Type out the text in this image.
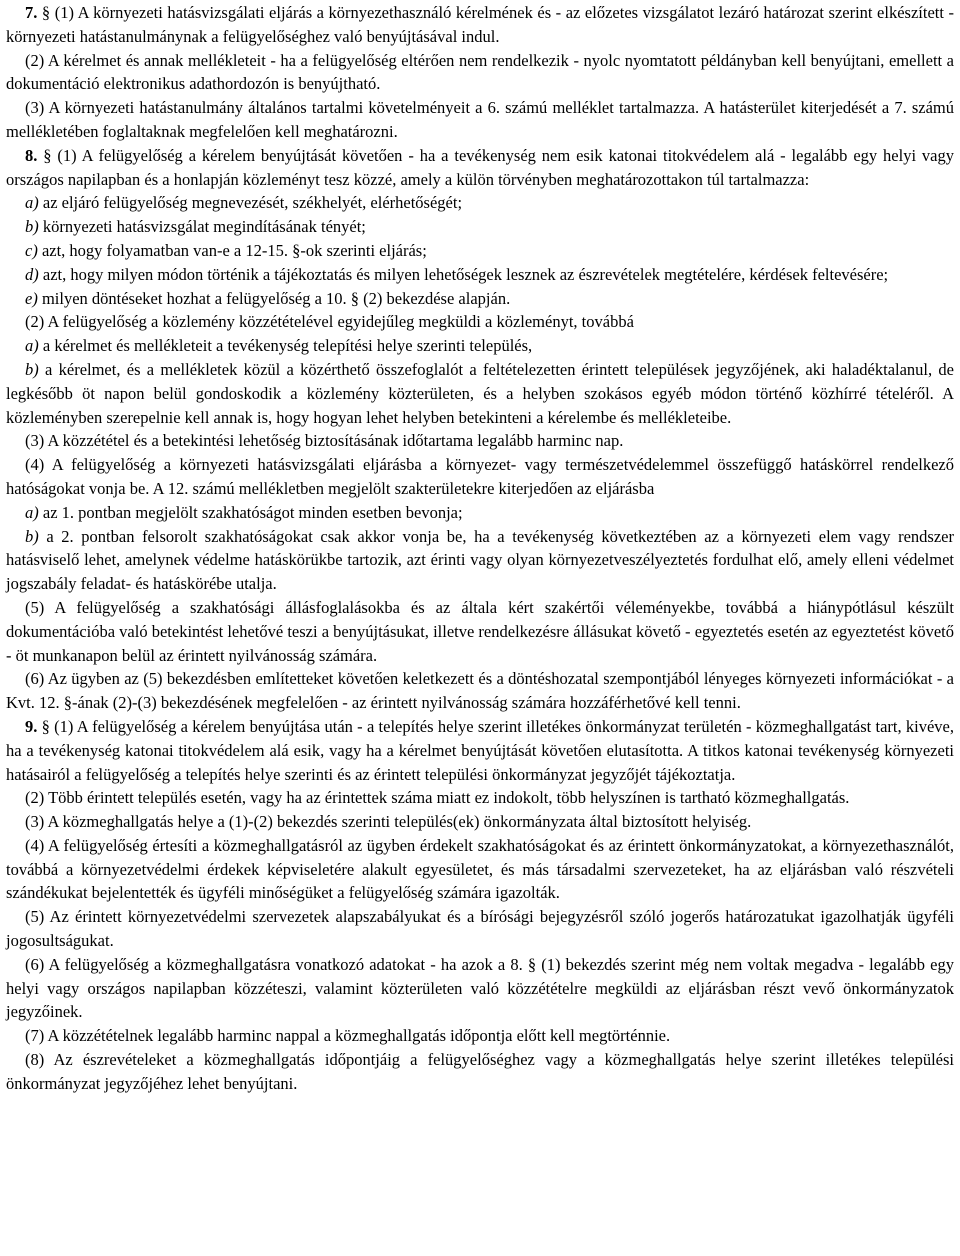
7. § (1) A környezeti hatásvizsgálati eljárás a környezethasználó kérelmének és - az előzetes vizsgálatot lezáró határozat szerint elkészített - környezeti hatástanulmánynak a felügyelőséghez való benyújtásával indul.

(2) A kérelmet és annak mellékleteit - ha a felügyelőség eltérően nem rendelkezik - nyolc nyomtatott példányban kell benyújtani, emellett a dokumentáció elektronikus adathordozón is benyújtható.

(3) A környezeti hatástanulmány általános tartalmi követelményeit a 6. számú melléklet tartalmazza. A hatásterület kiterjedését a 7. számú mellékletében foglaltaknak megfelelően kell meghatározni.

8. § (1) A felügyelőség a kérelem benyújtását követően - ha a tevékenység nem esik katonai titokvédelem alá - legalább egy helyi vagy országos napilapban és a honlapján közleményt tesz közzé, amely a külön törvényben meghatározottakon túl tartalmazza:

a) az eljáró felügyelőség megnevezését, székhelyét, elérhetőségét;

b) környezeti hatásvizsgálat megindításának tényét;

c) azt, hogy folyamatban van-e a 12-15. §-ok szerinti eljárás;

d) azt, hogy milyen módon történik a tájékoztatás és milyen lehetőségek lesznek az észrevételek megtételére, kérdések feltevésére;

e) milyen döntéseket hozhat a felügyelőség a 10. § (2) bekezdése alapján.

(2) A felügyelőség a közlemény közzétételével egyidejűleg megküldi a közleményt, továbbá

a) a kérelmet és mellékleteit a tevékenység telepítési helye szerinti település,

b) a kérelmet, és a mellékletek közül a közérthető összefoglalót a feltételezetten érintett települések jegyzőjének, aki haladéktalanul, de legkésőbb öt napon belül gondoskodik a közlemény közterületen, és a helyben szokásos egyéb módon történő közhírré tételéről. A közleményben szerepelnie kell annak is, hogy hogyan lehet helyben betekinteni a kérelembe és mellékleteibe.

(3) A közzététel és a betekintési lehetőség biztosításának időtartama legalább harminc nap.

(4) A felügyelőség a környezeti hatásvizsgálati eljárásba a környezet- vagy természetvédelemmel összefüggő hatáskörrel rendelkező hatóságokat vonja be. A 12. számú mellékletben megjelölt szakterületekre kiterjedően az eljárásba

a) az 1. pontban megjelölt szakhatóságot minden esetben bevonja;

b) a 2. pontban felsorolt szakhatóságokat csak akkor vonja be, ha a tevékenység következtében az a környezeti elem vagy rendszer hatásviselő lehet, amelynek védelme hatáskörükbe tartozik, azt érinti vagy olyan környezetveszélyeztetés fordulhat elő, amely elleni védelmet jogszabály feladat- és hatáskörébe utalja.

(5) A felügyelőség a szakhatósági állásfoglalásokba és az általa kért szakértői véleményekbe, továbbá a hiánypótlásul készült dokumentációba való betekintést lehetővé teszi a benyújtásukat, illetve rendelkezésre állásukat követő - egyeztetés esetén az egyeztetést követő - öt munkanapon belül az érintett nyilvánosság számára.

(6) Az ügyben az (5) bekezdésben említetteket követően keletkezett és a döntéshozatal szempontjából lényeges környezeti információkat - a Kvt. 12. §-ának (2)-(3) bekezdésének megfelelően - az érintett nyilvánosság számára hozzáférhetővé kell tenni.

9. § (1) A felügyelőség a kérelem benyújtása után - a telepítés helye szerint illetékes önkormányzat területén - közmeghallgatást tart, kivéve, ha a tevékenység katonai titokvédelem alá esik, vagy ha a kérelmet benyújtását követően elutasította. A titkos katonai tevékenység környezeti hatásairól a felügyelőség a telepítés helye szerinti és az érintett települési önkormányzat jegyzőjét tájékoztatja.

(2) Több érintett település esetén, vagy ha az érintettek száma miatt ez indokolt, több helyszínen is tartható közmeghallgatás.

(3) A közmeghallgatás helye a (1)-(2) bekezdés szerinti település(ek) önkormányzata által biztosított helyiség.

(4) A felügyelőség értesíti a közmeghallgatásról az ügyben érdekelt szakhatóságokat és az érintett önkormányzatokat, a környezethasználót, továbbá a környezetvédelmi érdekek képviseletére alakult egyesületet, és más társadalmi szervezeteket, ha az eljárásban való részvételi szándékukat bejelentették és ügyféli minőségüket a felügyelőség számára igazolták.

(5) Az érintett környezetvédelmi szervezetek alapszabályukat és a bírósági bejegyzésről szóló jogerős határozatukat igazolhatják ügyféli jogosultságukat.

(6) A felügyelőség a közmeghallgatásra vonatkozó adatokat - ha azok a 8. § (1) bekezdés szerint még nem voltak megadva - legalább egy helyi vagy országos napilapban közzéteszi, valamint közterületen való közzétételre megküldi az eljárásban részt vevő önkormányzatok jegyzőinek.

(7) A közzétételnek legalább harminc nappal a közmeghallgatás időpontja előtt kell megtörténnie.

(8) Az észrevételeket a közmeghallgatás időpontjáig a felügyelőséghez vagy a közmeghallgatás helye szerint illetékes települési önkormányzat jegyzőjéhez lehet benyújtani.
